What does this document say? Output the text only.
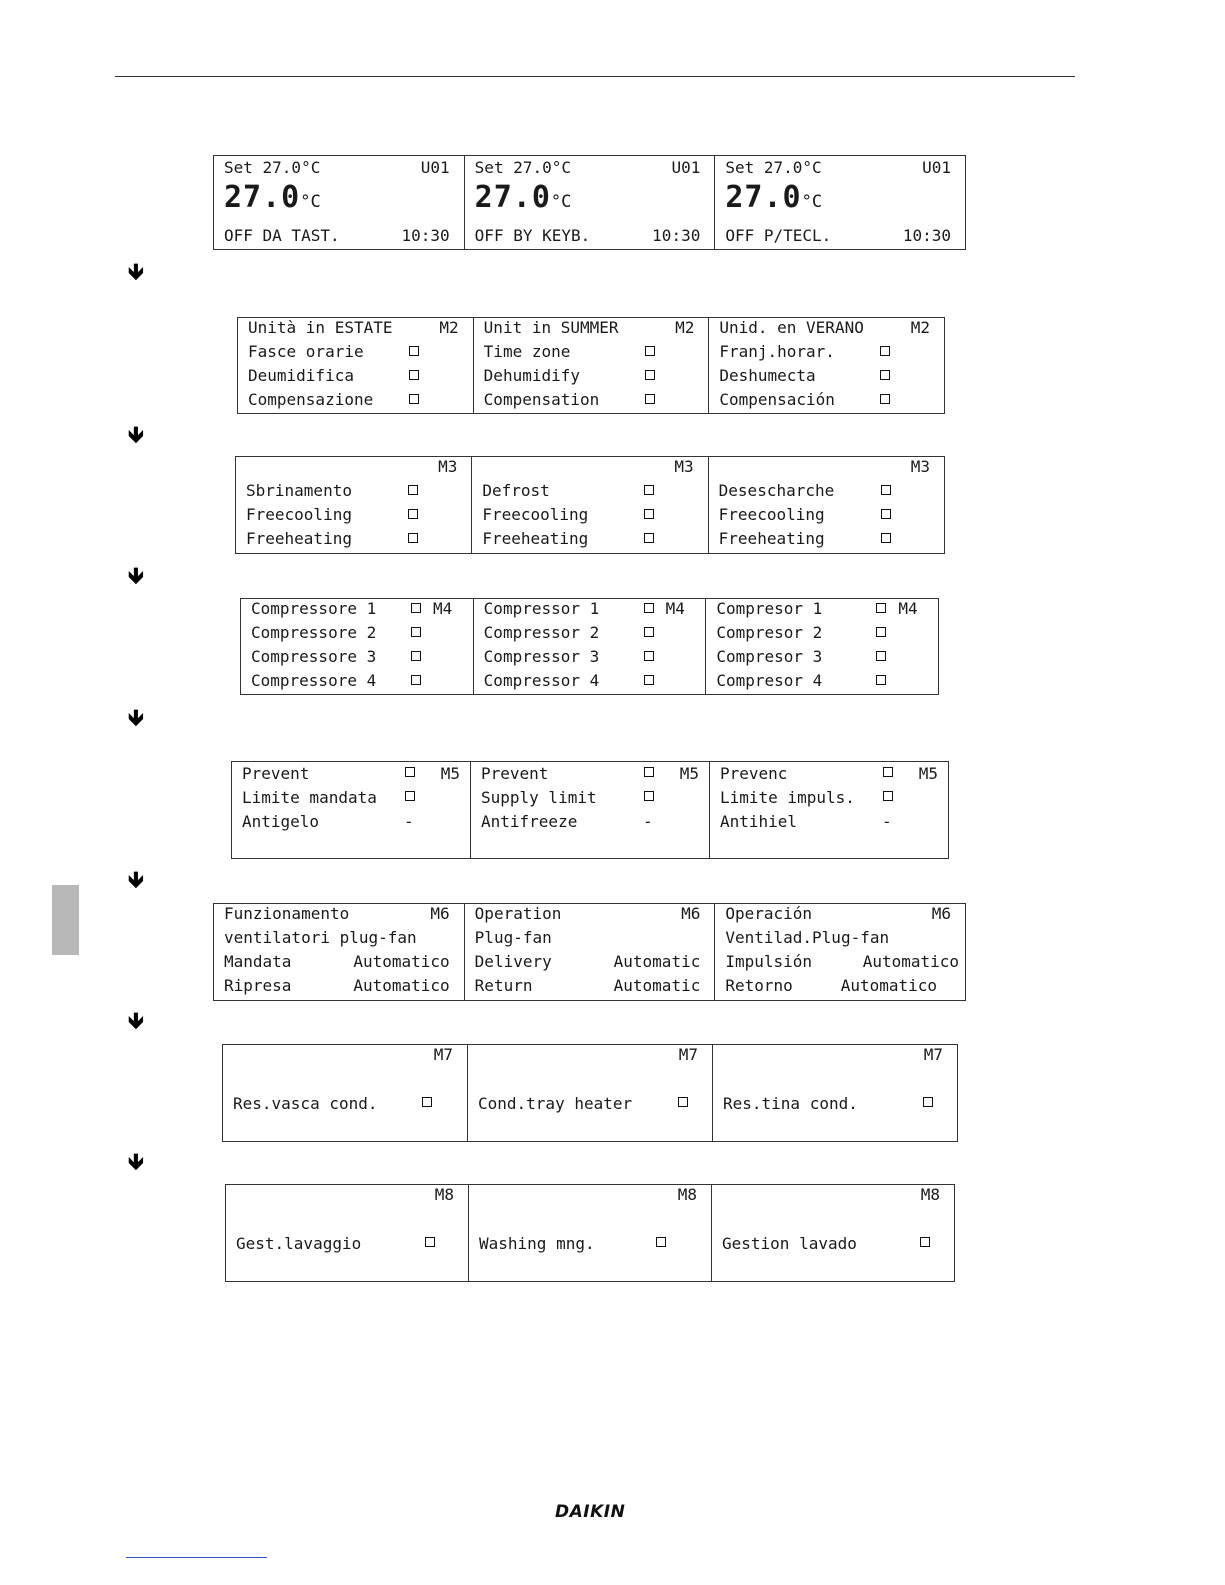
Set 27.0°C	U01
27.0°C
OFF DA TAST.	10:30
Set 27.0°C	U01
27.0°C
OFF BY KEYB.	10:30
Set 27.0°C	U01
27.0°C
OFF P/TECL.	10:30
🡻
Unità in ESTATE	M2
Fasce orarie
Deumidifica
Compensazione
Unit in SUMMER	M2
Time zone
Dehumidify
Compensation
Unid. en VERANO	M2
Franj.horar.
Deshumecta
Compensación
🡻
M3
Sbrinamento
Freecooling
Freeheating
M3
Defrost
Freecooling
Freeheating
M3
Desescharche
Freecooling
Freeheating
🡻
Compressore 1	M4
Compressore 2
Compressore 3
Compressore 4
Compressor 1	M4
Compressor 2
Compressor 3
Compressor 4
Compresor 1	M4
Compresor 2
Compresor 3
Compresor 4
🡻
Prevent	M5
Limite mandata
Antigelo	-
Prevent	M5
Supply limit
Antifreeze	-
Prevenc	M5
Limite impuls.
Antihiel	-
🡻
Funzionamento	M6
ventilatori plug-fan
Mandata	Automatico
Ripresa	Automatico
Operation	M6
Plug-fan
Delivery	Automatic
Return	Automatic
Operación	M6
Ventilad.Plug-fan
Impulsión	Automatico
Retorno	Automatico
🡻
M7
Res.vasca cond.
M7
Cond.tray heater
M7
Res.tina cond.
🡻
M8
Gest.lavaggio
M8
Washing mng.
M8
Gestion lavado
DAIKIN
